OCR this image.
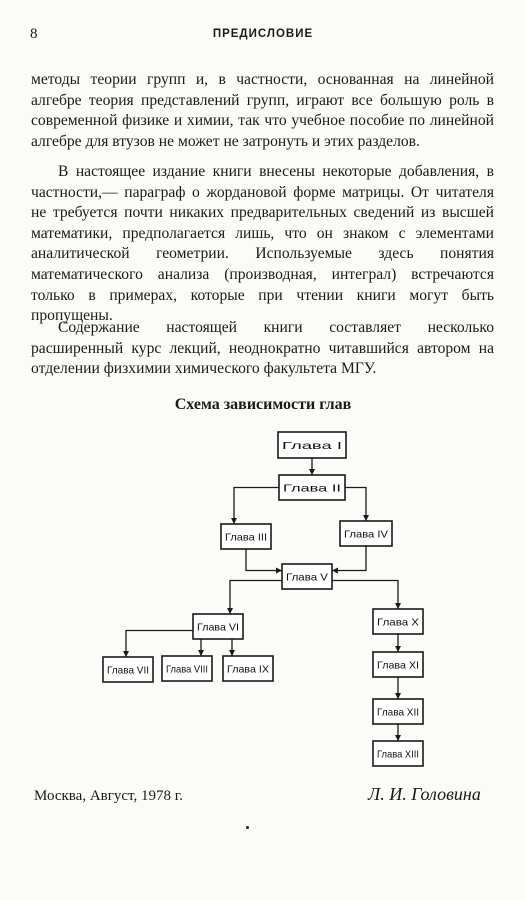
8	ПРЕДИСЛОВИЕ

методы теории групп и, в частности, основанная на линейной алгебре теория представлений групп, играют все большую роль в современной физике и химии, так что учебное пособие по линейной алгебре для втузов не может не затронуть и этих разделов.

В настоящее издание книги внесены некоторые добавления, в частности,— параграф о жордановой форме матрицы. От читателя не требуется почти никаких предварительных сведений из высшей математики, предполагается лишь, что он знаком с элементами аналитической геометрии. Используемые здесь понятия математического анализа (производная, интеграл) встречаются только в примерах, которые при чтении книги могут быть пропущены.

Содержание настоящей книги составляет несколько расширенный курс лекций, неоднократно читавшийся автором на отделении физхимии химического факультета МГУ.

Схема зависимости глав
Глава I
Глава II
Глава III	Глава IV
Глава V
Глава VI
Глава VII Глава VIII Глава IX
Глава X
Глава XI
Глава XII
Глава XIII
Москва, Август, 1978 г.	Л. И. Головина
